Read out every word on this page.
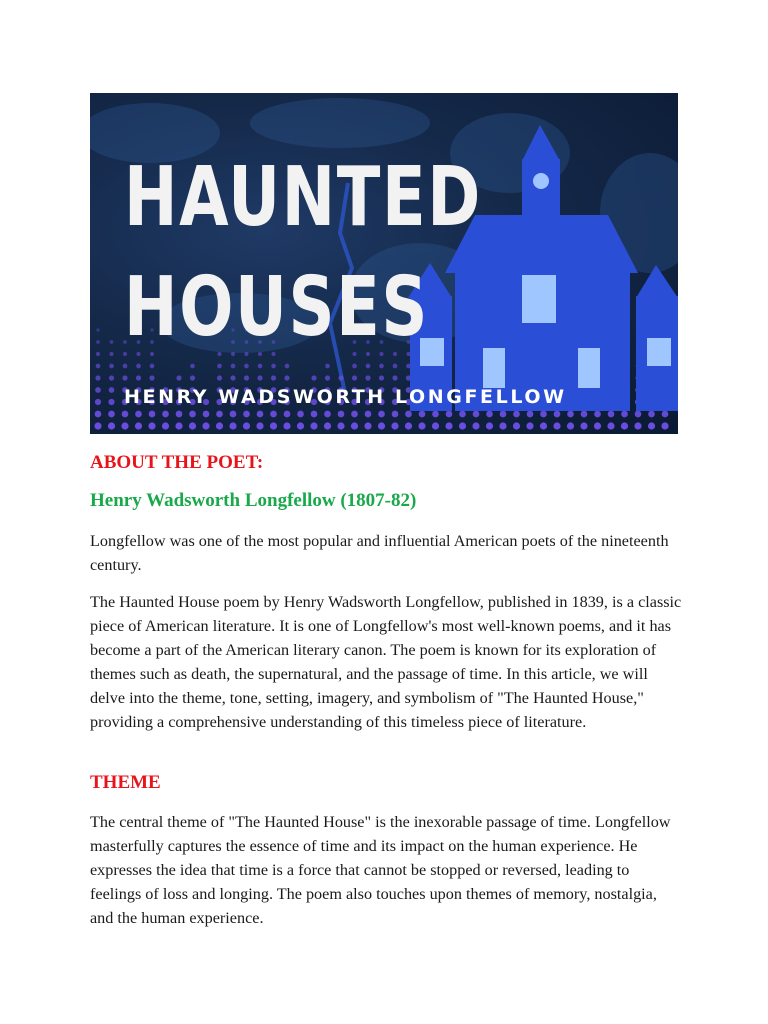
HAUNTED
HOUSES
HENRY WADSWORTH LONGFELLOW
ABOUT THE POET:
Henry Wadsworth Longfellow (1807-82)

Longfellow was one of the most popular and influential American poets of the nineteenth century.

The Haunted House poem by Henry Wadsworth Longfellow, published in 1839, is a classic piece of American literature. It is one of Longfellow's most well-known poems, and it has become a part of the American literary canon. The poem is known for its exploration of themes such as death, the supernatural, and the passage of time. In this article, we will delve into the theme, tone, setting, imagery, and symbolism of "The Haunted House," providing a comprehensive understanding of this timeless piece of literature.

THEME

The central theme of "The Haunted House" is the inexorable passage of time. Longfellow masterfully captures the essence of time and its impact on the human experience. He expresses the idea that time is a force that cannot be stopped or reversed, leading to feelings of loss and longing. The poem also touches upon themes of memory, nostalgia, and the human experience.
